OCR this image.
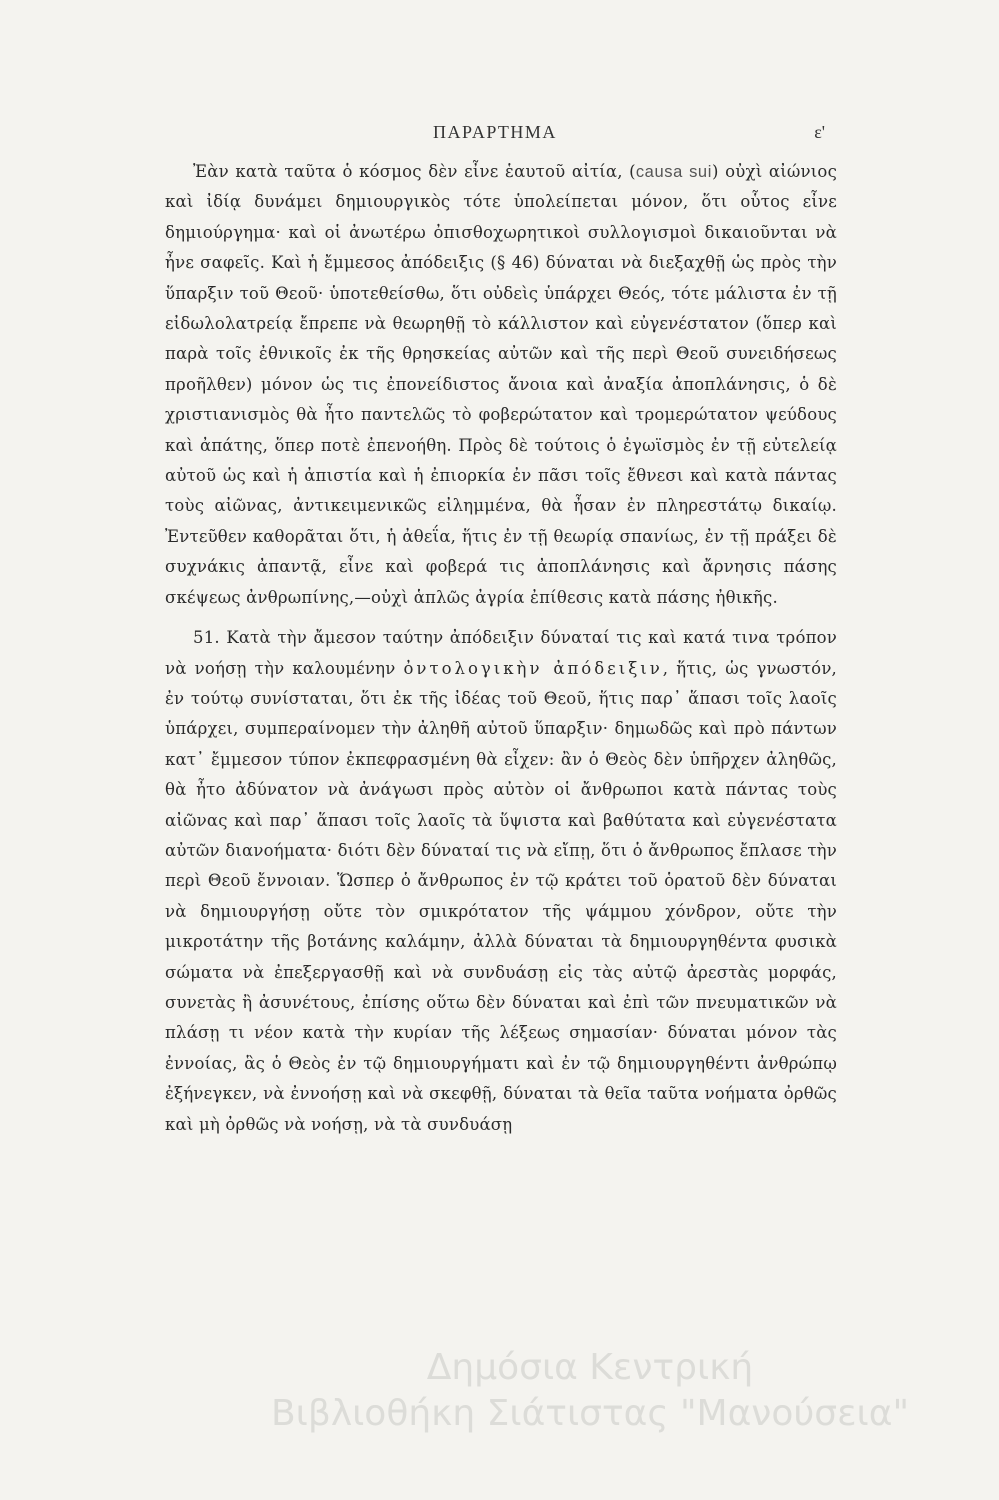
ΠΑΡΑΡΤΗΜΑ	ε'

Ἐὰν κατὰ ταῦτα ὁ κόσμος δὲν εἶνε ἑαυτοῦ αἰτία, (causa sui) οὐχὶ αἰώνιος καὶ ἰδίᾳ δυνάμει δημιουργικὸς τότε ὑπολείπεται μόνον, ὅτι οὗτος εἶνε δημιούργημα· καὶ οἱ ἀνωτέρω ὀπισθοχωρητικοὶ συλλογισμοὶ δικαιοῦνται νὰ ἦνε σαφεῖς. Καὶ ἡ ἔμμεσος ἀπόδειξις (§ 46) δύναται νὰ διεξαχθῇ ὡς πρὸς τὴν ὕπαρξιν τοῦ Θεοῦ· ὑποτεθείσθω, ὅτι οὐδεὶς ὑπάρχει Θεός, τότε μάλιστα ἐν τῇ εἰδωλολατρείᾳ ἔπρεπε νὰ θεωρηθῇ τὸ κάλλιστον καὶ εὐγενέστατον (ὅπερ καὶ παρὰ τοῖς ἐθνικοῖς ἐκ τῆς θρησκείας αὐτῶν καὶ τῆς περὶ Θεοῦ συνειδήσεως προῆλθεν) μόνον ὡς τις ἐπονείδιστος ἄνοια καὶ ἀναξία ἀποπλάνησις, ὁ δὲ χριστιανισμὸς θὰ ἦτο παντελῶς τὸ φοβερώτατον καὶ τρομερώτατον ψεύδους καὶ ἀπάτης, ὅπερ ποτὲ ἐπενοήθη. Πρὸς δὲ τούτοις ὁ ἐγωϊσμὸς ἐν τῇ εὐτελείᾳ αὐτοῦ ὡς καὶ ἡ ἀπιστία καὶ ἡ ἐπιορκία ἐν πᾶσι τοῖς ἔθνεσι καὶ κατὰ πάντας τοὺς αἰῶνας, ἀντικειμενικῶς εἰλημμένα, θὰ ἦσαν ἐν πληρεστάτῳ δικαίῳ. Ἐντεῦθεν καθορᾶται ὅτι, ἡ ἀθεΐα, ἥτις ἐν τῇ θεωρίᾳ σπανίως, ἐν τῇ πράξει δὲ συχνάκις ἀπαντᾷ, εἶνε καὶ φοβερά τις ἀποπλάνησις καὶ ἄρνησις πάσης σκέψεως ἀνθρωπίνης,—οὐχὶ ἁπλῶς ἀγρία ἐπίθεσις κατὰ πάσης ἠθικῆς.

51. Κατὰ τὴν ἄμεσον ταύτην ἀπόδειξιν δύναταί τις καὶ κατά τινα τρόπον νὰ νοήσῃ τὴν καλουμένην ὀντολογικὴν ἀπόδειξιν, ἥτις, ὡς γνωστόν, ἐν τούτῳ συνίσταται, ὅτι ἐκ τῆς ἰδέας τοῦ Θεοῦ, ἥτις παρ᾽ ἅπασι τοῖς λαοῖς ὑπάρχει, συμπεραίνομεν τὴν ἀληθῆ αὐτοῦ ὕπαρξιν· δημωδῶς καὶ πρὸ πάντων κατ᾽ ἔμμεσον τύπον ἐκπεφρασμένη θὰ εἶχεν: ἂν ὁ Θεὸς δὲν ὑπῆρχεν ἀληθῶς, θὰ ἦτο ἀδύνατον νὰ ἀνάγωσι πρὸς αὐτὸν οἱ ἄνθρωποι κατὰ πάντας τοὺς αἰῶνας καὶ παρ᾽ ἅπασι τοῖς λαοῖς τὰ ὕψιστα καὶ βαθύτατα καὶ εὐγενέστατα αὐτῶν διανοήματα· διότι δὲν δύναταί τις νὰ εἴπῃ, ὅτι ὁ ἄνθρωπος ἔπλασε τὴν περὶ Θεοῦ ἔννοιαν. Ὥσπερ ὁ ἄνθρωπος ἐν τῷ κράτει τοῦ ὁρατοῦ δὲν δύναται νὰ δημιουργήσῃ οὔτε τὸν σμικρότατον τῆς ψάμμου χόνδρον, οὔτε τὴν μικροτάτην τῆς βοτάνης καλάμην, ἀλλὰ δύναται τὰ δημιουργηθέντα φυσικὰ σώματα νὰ ἐπεξεργασθῇ καὶ νὰ συνδυάσῃ εἰς τὰς αὐτῷ ἀρεστὰς μορφάς, συνετὰς ἢ ἀσυνέτους, ἐπίσης οὕτω δὲν δύναται καὶ ἐπὶ τῶν πνευματικῶν νὰ πλάσῃ τι νέον κατὰ τὴν κυρίαν τῆς λέξεως σημασίαν· δύναται μόνον τὰς ἐννοίας, ἃς ὁ Θεὸς ἐν τῷ δημιουργήματι καὶ ἐν τῷ δημιουργηθέντι ἀνθρώπῳ ἐξήνεγκεν, νὰ ἐννοήσῃ καὶ νὰ σκεφθῇ, δύναται τὰ θεῖα ταῦτα νοήματα ὀρθῶς καὶ μὴ ὀρθῶς νὰ νοήσῃ, νὰ τὰ συνδυάσῃ

Δημόσια Κεντρική
Βιβλιοθήκη Σιάτιστας "Μανούσεια"
